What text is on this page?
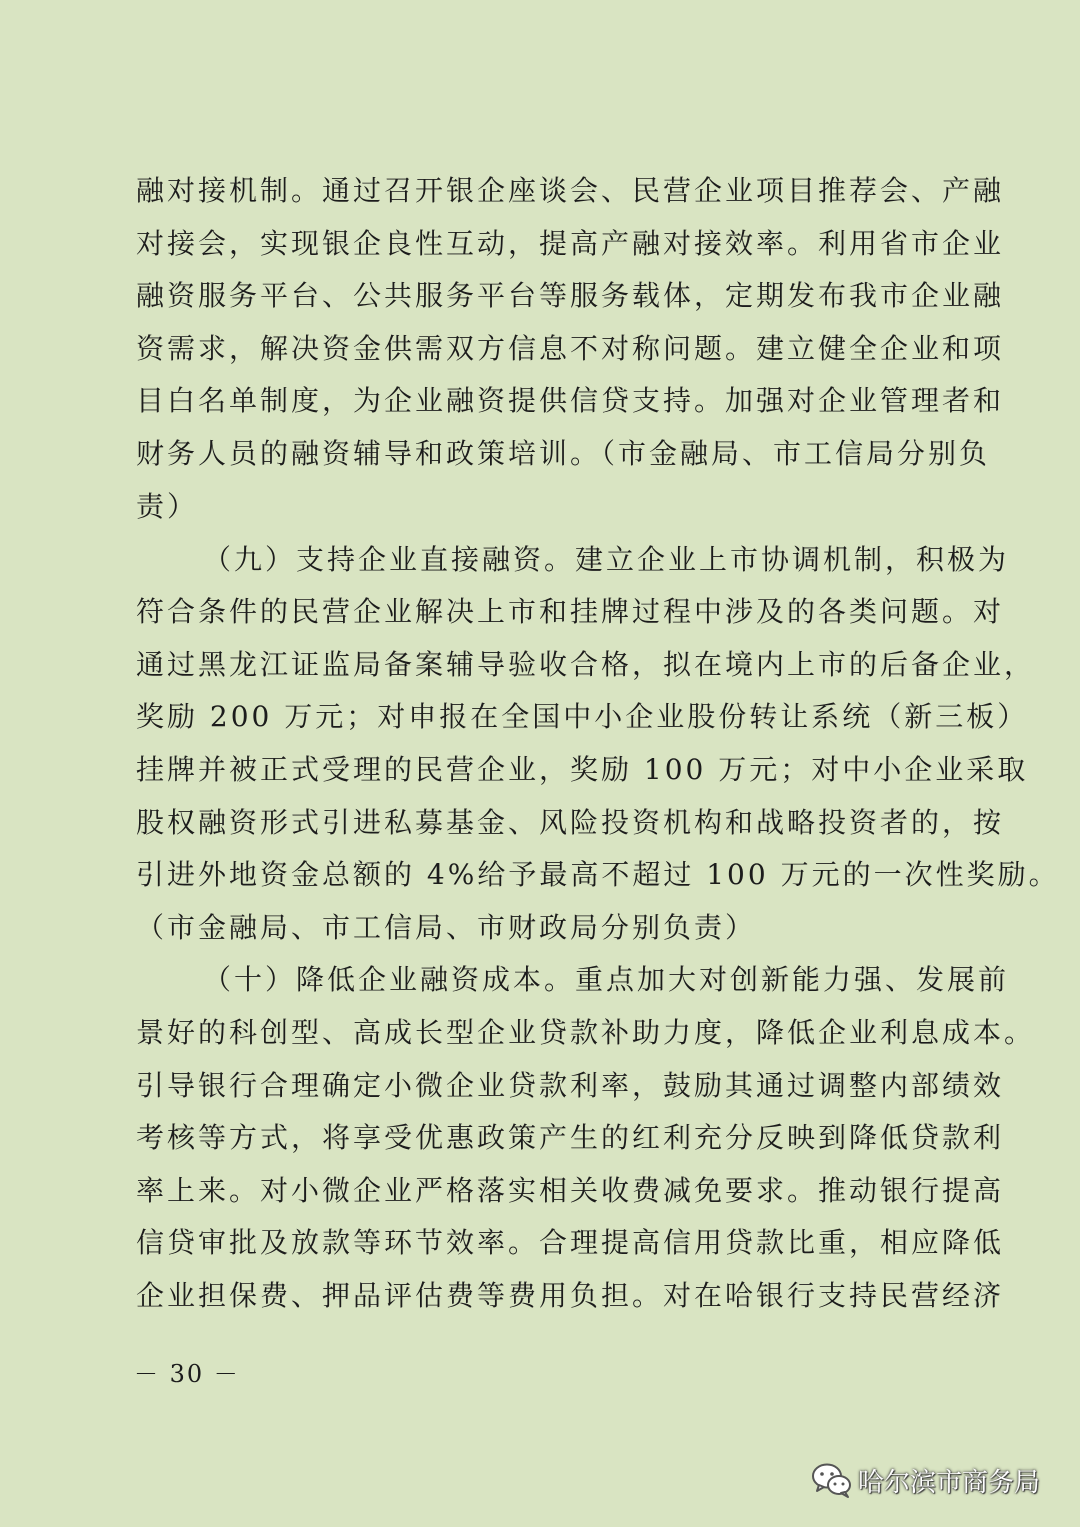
融对接机制。通过召开银企座谈会、民营企业项目推荐会、产融
对接会，实现银企良性互动，提高产融对接效率。利用省市企业
融资服务平台、公共服务平台等服务载体，定期发布我市企业融
资需求，解决资金供需双方信息不对称问题。建立健全企业和项
目白名单制度，为企业融资提供信贷支持。加强对企业管理者和
财务人员的融资辅导和政策培训。（市金融局、市工信局分别负
责）
（九）支持企业直接融资。建立企业上市协调机制，积极为
符合条件的民营企业解决上市和挂牌过程中涉及的各类问题。对
通过黑龙江证监局备案辅导验收合格，拟在境内上市的后备企业，
奖励 200 万元；对申报在全国中小企业股份转让系统（新三板）
挂牌并被正式受理的民营企业，奖励 100 万元；对中小企业采取
股权融资形式引进私募基金、风险投资机构和战略投资者的，按
引进外地资金总额的 4%给予最高不超过 100 万元的一次性奖励。
（市金融局、市工信局、市财政局分别负责）
（十）降低企业融资成本。重点加大对创新能力强、发展前
景好的科创型、高成长型企业贷款补助力度，降低企业利息成本。
引导银行合理确定小微企业贷款利率，鼓励其通过调整内部绩效
考核等方式，将享受优惠政策产生的红利充分反映到降低贷款利
率上来。对小微企业严格落实相关收费减免要求。推动银行提高
信贷审批及放款等环节效率。合理提高信用贷款比重，相应降低
企业担保费、押品评估费等费用负担。对在哈银行支持民营经济
－ 30 －
哈尔滨市商务局
